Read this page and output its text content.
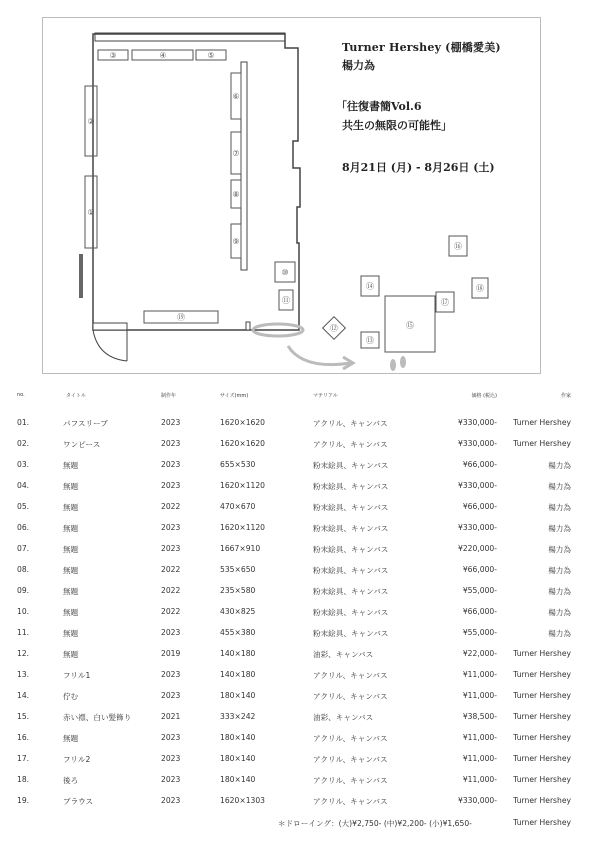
③	④	⑤
②
①
⑥
⑦
⑧
⑨
⑩
⑪
⑲
⑫
⑬
⑭
⑮
⑯
⑰
⑱
Turner Hershey (棚橋愛美)
楊力為
「往復書簡Vol.6
共生の無限の可能性」
8月21日 (月) - 8月26日 (土)
no.	タイトル	制作年	サイズ(mm)	マテリアル	価格 (税込)	作家
01.	パフスリーブ	2023	1620×1620	アクリル、キャンバス	¥330,000- Turner Hershey
02.	ワンピース	2023	1620×1620	アクリル、キャンバス	¥330,000- Turner Hershey
03.	無題	2023	655×530	粉末絵具、キャンバス	¥66,000-	楊力為
04.	無題	2023	1620×1120	粉末絵具、キャンバス	¥330,000-	楊力為
05.	無題	2022	470×670	粉末絵具、キャンバス	¥66,000-	楊力為
06.	無題	2023	1620×1120	粉末絵具、キャンバス	¥330,000-	楊力為
07.	無題	2023	1667×910	粉末絵具、キャンバス	¥220,000-	楊力為
08.	無題	2022	535×650	粉末絵具、キャンバス	¥66,000-	楊力為
09.	無題	2022	235×580	粉末絵具、キャンバス	¥55,000-	楊力為
10.	無題	2022	430×825	粉末絵具、キャンバス	¥66,000-	楊力為
11.	無題	2023	455×380	粉末絵具、キャンバス	¥55,000-	楊力為
12.	無題	2019	140×180	油彩、キャンバス	¥22,000- Turner Hershey
13.	フリル1	2023	140×180	アクリル、キャンバス	¥11,000- Turner Hershey
14.	佇む	2023	180×140	アクリル、キャンバス	¥11,000- Turner Hershey
15.	赤い襟、白い髪飾り	2021	333×242	油彩、キャンバス	¥38,500- Turner Hershey
16.	無題	2023	180×140	アクリル、キャンバス	¥11,000- Turner Hershey
17.	フリル2	2023	180×140	アクリル、キャンバス	¥11,000- Turner Hershey
18.	後ろ	2023	180×140	アクリル、キャンバス	¥11,000- Turner Hershey
19.	ブラウス	2023	1620×1303	アクリル、キャンバス	¥330,000- Turner Hershey
＊ドローイング：(大)¥2,750- (中)¥2,200- (小)¥1,650-	Turner Hershey
